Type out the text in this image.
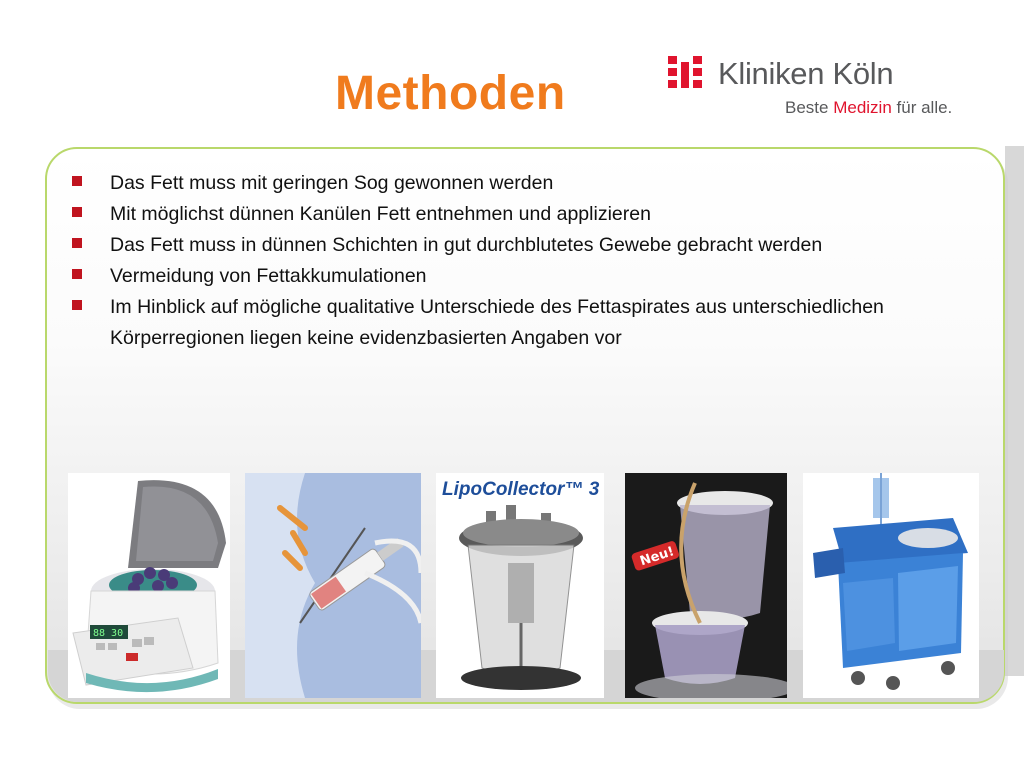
Methoden	Kliniken Köln
Beste Medizin für alle.
Das Fett muss mit geringen Sog gewonnen werden
Mit möglichst dünnen Kanülen Fett entnehmen und applizieren
Das Fett muss in dünnen Schichten in gut durchblutetes Gewebe gebracht werden
Vermeidung von Fettakkumulationen
Im Hinblick auf mögliche qualitative Unterschiede des Fettaspirates aus unterschiedlichen Körperregionen liegen keine evidenzbasierten Angaben vor
88 30
LipoCollector™ 3
Neu!
